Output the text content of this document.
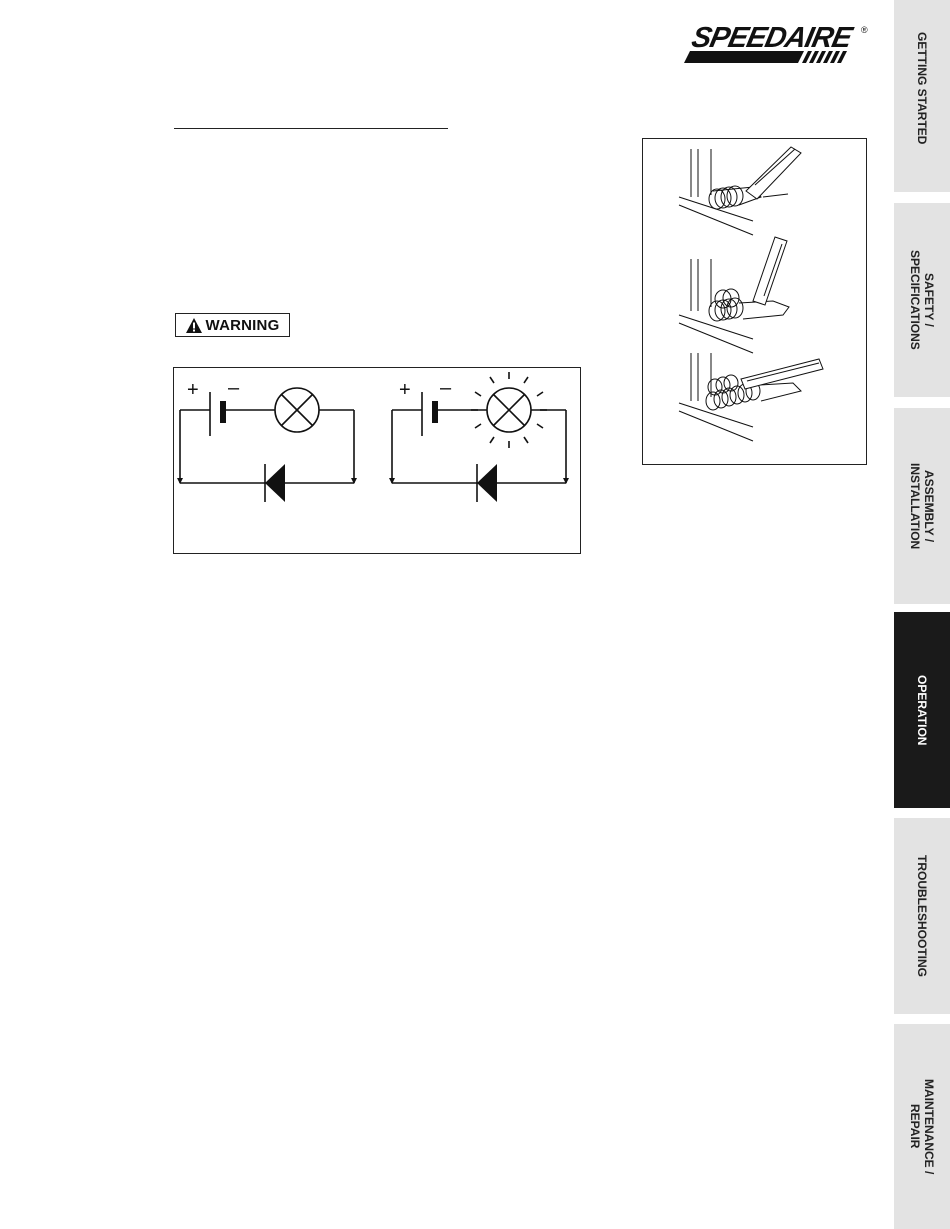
SPEEDAIRE ®
WARNING
+ –	+ –
GETTING STARTED
SAFETY /
SPECIFICATIONS
ASSEMBLY /
INSTALLATION
OPERATION
TROUBLESHOOTING
MAINTENANCE /
REPAIR
